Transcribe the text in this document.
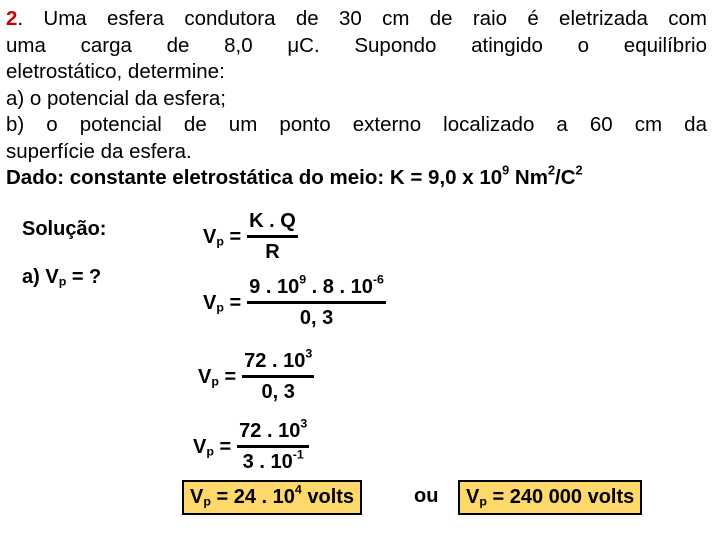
2. Uma esfera condutora de 30 cm de raio é eletrizada com
uma carga de 8,0 μC. Supondo atingido o equilíbrio
eletrostático, determine:
a) o potencial da esfera;
b) o potencial de um ponto externo localizado a 60 cm da
superfície da esfera.
Dado: constante eletrostática do meio: K = 9,0 x $10^9$ $Nm^2/C^2$
Solução:
a) $V_p$ = ?
$V_p = \frac{K . Q}{R}$
$V_p = \frac{9 . 10^9 . 8 . 10^{-6}}{0, 3}$
$V_p = \frac{72 . 10^3}{0, 3}$
$V_p = \frac{72 . 10^3}{3 . 10^{-1}}$
$V_p = 24$ . $10^4$ volts	ou	$V_p = 240$ 000 volts
